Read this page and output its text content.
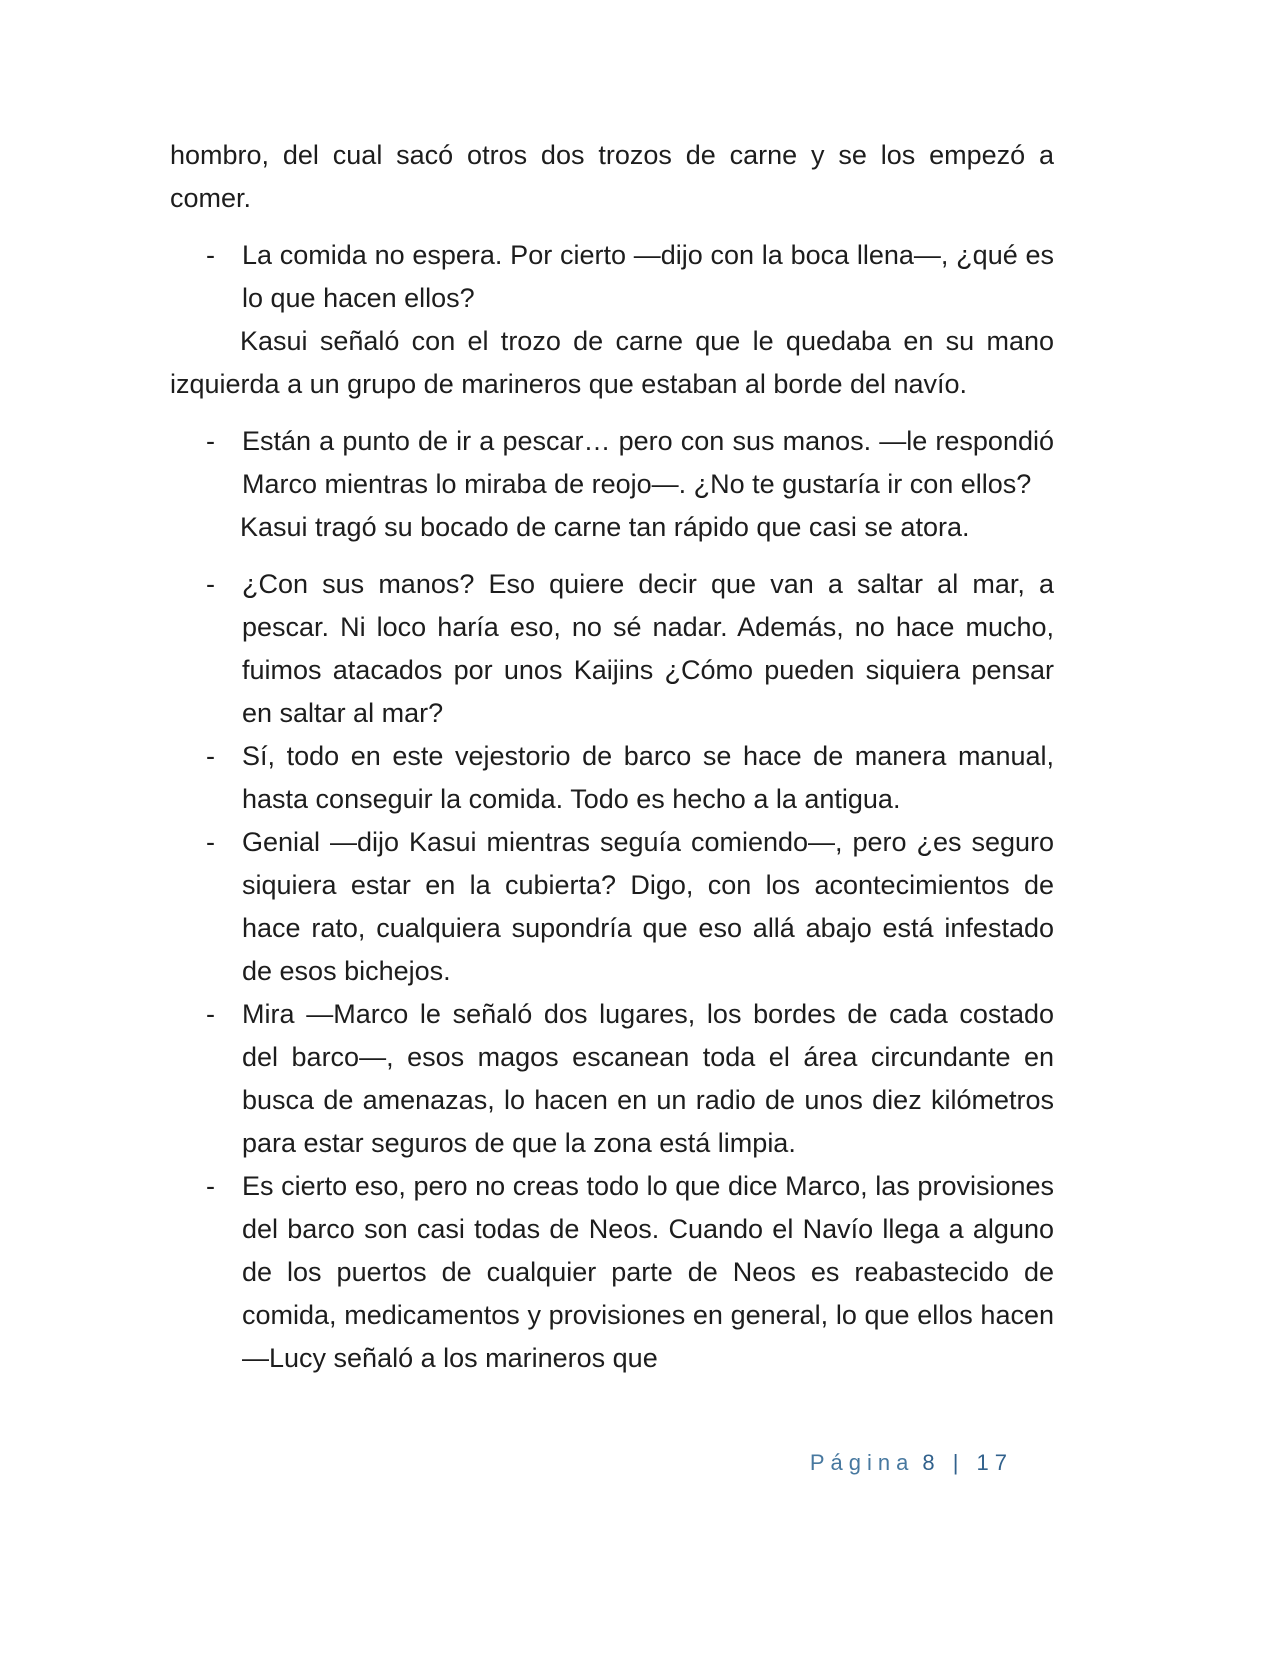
hombro, del cual sacó otros dos trozos de carne y se los empezó a comer.

- La comida no espera. Por cierto —dijo con la boca llena—, ¿qué es lo que hacen ellos?

Kasui señaló con el trozo de carne que le quedaba en su mano izquierda a un grupo de marineros que estaban al borde del navío.

- Están a punto de ir a pescar… pero con sus manos. —le respondió Marco mientras lo miraba de reojo—. ¿No te gustaría ir con ellos?

Kasui tragó su bocado de carne tan rápido que casi se atora.

- ¿Con sus manos? Eso quiere decir que van a saltar al mar, a pescar. Ni loco haría eso, no sé nadar. Además, no hace mucho, fuimos atacados por unos Kaijins ¿Cómo pueden siquiera pensar en saltar al mar?
- Sí, todo en este vejestorio de barco se hace de manera manual, hasta conseguir la comida. Todo es hecho a la antigua.
- Genial —dijo Kasui mientras seguía comiendo—, pero ¿es seguro siquiera estar en la cubierta? Digo, con los acontecimientos de hace rato, cualquiera supondría que eso allá abajo está infestado de esos bichejos.
- Mira —Marco le señaló dos lugares, los bordes de cada costado del barco—, esos magos escanean toda el área circundante en busca de amenazas, lo hacen en un radio de unos diez kilómetros para estar seguros de que la zona está limpia.
- Es cierto eso, pero no creas todo lo que dice Marco, las provisiones del barco son casi todas de Neos. Cuando el Navío llega a alguno de los puertos de cualquier parte de Neos es reabastecido de comida, medicamentos y provisiones en general, lo que ellos hacen —Lucy señaló a los marineros que
Página 8 | 17
